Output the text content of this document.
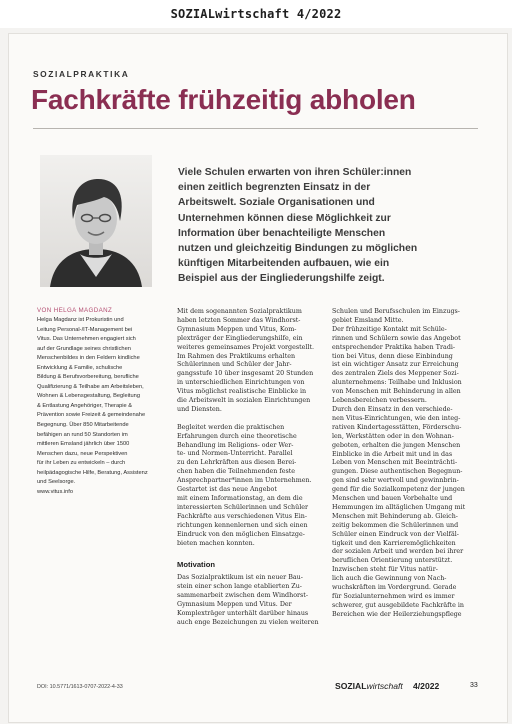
SOZIALwirtschaft 4/2022
SOZIALPRAKTIKA
Fachkräfte frühzeitig abholen
Viele Schulen erwarten von ihren Schüler:innen
einen zeitlich begrenzten Einsatz in der
Arbeitswelt. Soziale Organisationen und
Unternehmen können diese Möglichkeit zur
Information über benachteiligte Menschen
nutzen und gleichzeitig Bindungen zu möglichen
künftigen Mitarbeitenden aufbauen, wie ein
Beispiel aus der Eingliederungshilfe zeigt.
VON HELGA MAGDANZ
Helga Magdanz ist Prokuristin und
Leitung Personal-/IT-Management bei
Vitus. Das Unternehmen engagiert sich
auf der Grundlage seines christlichen
Menschenbildes in den Feldern kindliche
Entwicklung & Familie, schulische
Bildung & Berufsvorbereitung, berufliche
Qualifizierung & Teilhabe am Arbeitsleben,
Wohnen & Lebensgestaltung, Begleitung
& Entlastung Angehöriger, Therapie &
Prävention sowie Freizeit & gemeindenahe
Begegnung. Über 850 Mitarbeitende
befähigen an rund 50 Standorten im
mittleren Emsland jährlich über 1500
Menschen dazu, neue Perspektiven
für ihr Leben zu entwickeln – durch
heilpädagogische Hilfe, Beratung, Assistenz
und Seelsorge.
www.vitus.info
Mit dem sogenannten Sozialpraktikum
haben letzten Sommer das Windhorst-
Gymnasium Meppen und Vitus, Kom-
plexträger der Eingliederungshilfe, ein
weiteres gemeinsames Projekt vorgestellt.
Im Rahmen des Praktikums erhalten
Schülerinnen und Schüler der Jahr-
gangsstufe 10 über insgesamt 20 Stunden
in unterschiedlichen Einrichtungen von
Vitus möglichst realistische Einblicke in
die Arbeitswelt in sozialen Einrichtungen
und Diensten.
Begleitet werden die praktischen
Erfahrungen durch eine theoretische
Behandlung im Religions- oder Wer-
te- und Normen-Unterricht. Parallel
zu den Lehrkräften aus diesen Berei-
chen haben die Teilnehmenden feste
Ansprechpartner*innen im Unternehmen.
Gestartet ist das neue Angebot
mit einem Informationstag, an dem die
interessierten Schülerinnen und Schüler
Fachkräfte aus verschiedenen Vitus Ein-
richtungen kennenlernen und sich einen
Eindruck von den möglichen Einsatzge-
bieten machen konnten.
Motivation
Das Sozialpraktikum ist ein neuer Bau-
stein einer schon lange etablierten Zu-
sammenarbeit zwischen dem Windhorst-
Gymnasium Meppen und Vitus. Der
Komplexträger unterhält darüber hinaus
auch enge Bezeichungen zu vielen weiteren
Schulen und Berufsschulen im Einzugs-
gebiet Emsland Mitte.
Der frühzeitige Kontakt mit Schüle-
rinnen und Schülern sowie das Angebot
entsprechender Praktika haben Tradi-
tion bei Vitus, denn diese Einbindung
ist ein wichtiger Ansatz zur Erreichung
des zentralen Ziels des Meppener Sozi-
alunternehmens: Teilhabe und Inklusion
von Menschen mit Behinderung in allen
Lebensbereichen verbessern.
Durch den Einsatz in den verschiede-
nen Vitus-Einrichtungen, wie den integ-
rativen Kindertagesstätten, Förderschu-
len, Werkstätten oder in den Wohnan-
geboten, erhalten die jungen Menschen
Einblicke in die Arbeit mit und in das
Leben von Menschen mit Beeinträchti-
gungen. Diese authentischen Begegnun-
gen sind sehr wertvoll und gewinnbrin-
gend für die Sozialkompetenz der jungen
Menschen und bauen Vorbehalte und
Hemmungen im alltäglichen Umgang mit
Menschen mit Behinderung ab. Gleich-
zeitig bekommen die Schülerinnen und
Schüler einen Eindruck von der Vielfäl-
tigkeit und den Karrieremöglichkeiten
der sozialen Arbeit und werden bei ihrer
beruflichen Orientierung unterstützt.
Inzwischen steht für Vitus natür-
lich auch die Gewinnung von Nach-
wuchskräften im Vordergrund. Gerade
für Sozialunternehmen wird es immer
schwerer, gut ausgebildete Fachkräfte in
Bereichen wie der Heilerziehungspflege
DOI: 10.5771/1613-0707-2022-4-33	SOZIALwirtschaft 4/2022	33
